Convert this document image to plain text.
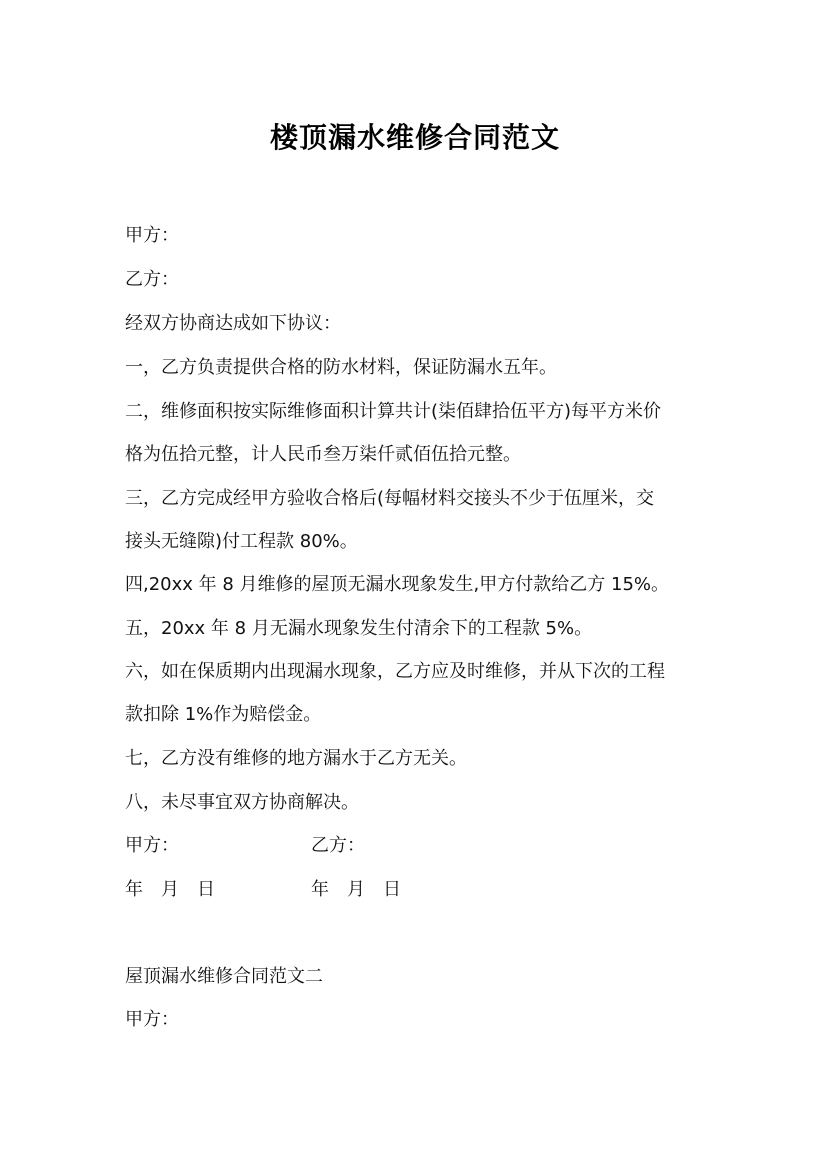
楼顶漏水维修合同范文
甲方：
乙方：
经双方协商达成如下协议：
一，乙方负责提供合格的防水材料，保证防漏水五年。
二，维修面积按实际维修面积计算共计(柒佰肆拾伍平方)每平方米价
格为伍拾元整，计人民币叁万柒仟贰佰伍拾元整。
三，乙方完成经甲方验收合格后(每幅材料交接头不少于伍厘米，交
接头无缝隙)付工程款 80%。
四,20xx 年 8 月维修的屋顶无漏水现象发生,甲方付款给乙方 15%。
五，20xx 年 8 月无漏水现象发生付清余下的工程款 5%。
六，如在保质期内出现漏水现象，乙方应及时维修，并从下次的工程
款扣除 1%作为赔偿金。
七，乙方没有维修的地方漏水于乙方无关。
八，未尽事宜双方协商解决。
甲方：	乙方：
年　月　日	年　月　日
屋顶漏水维修合同范文二
甲方：
